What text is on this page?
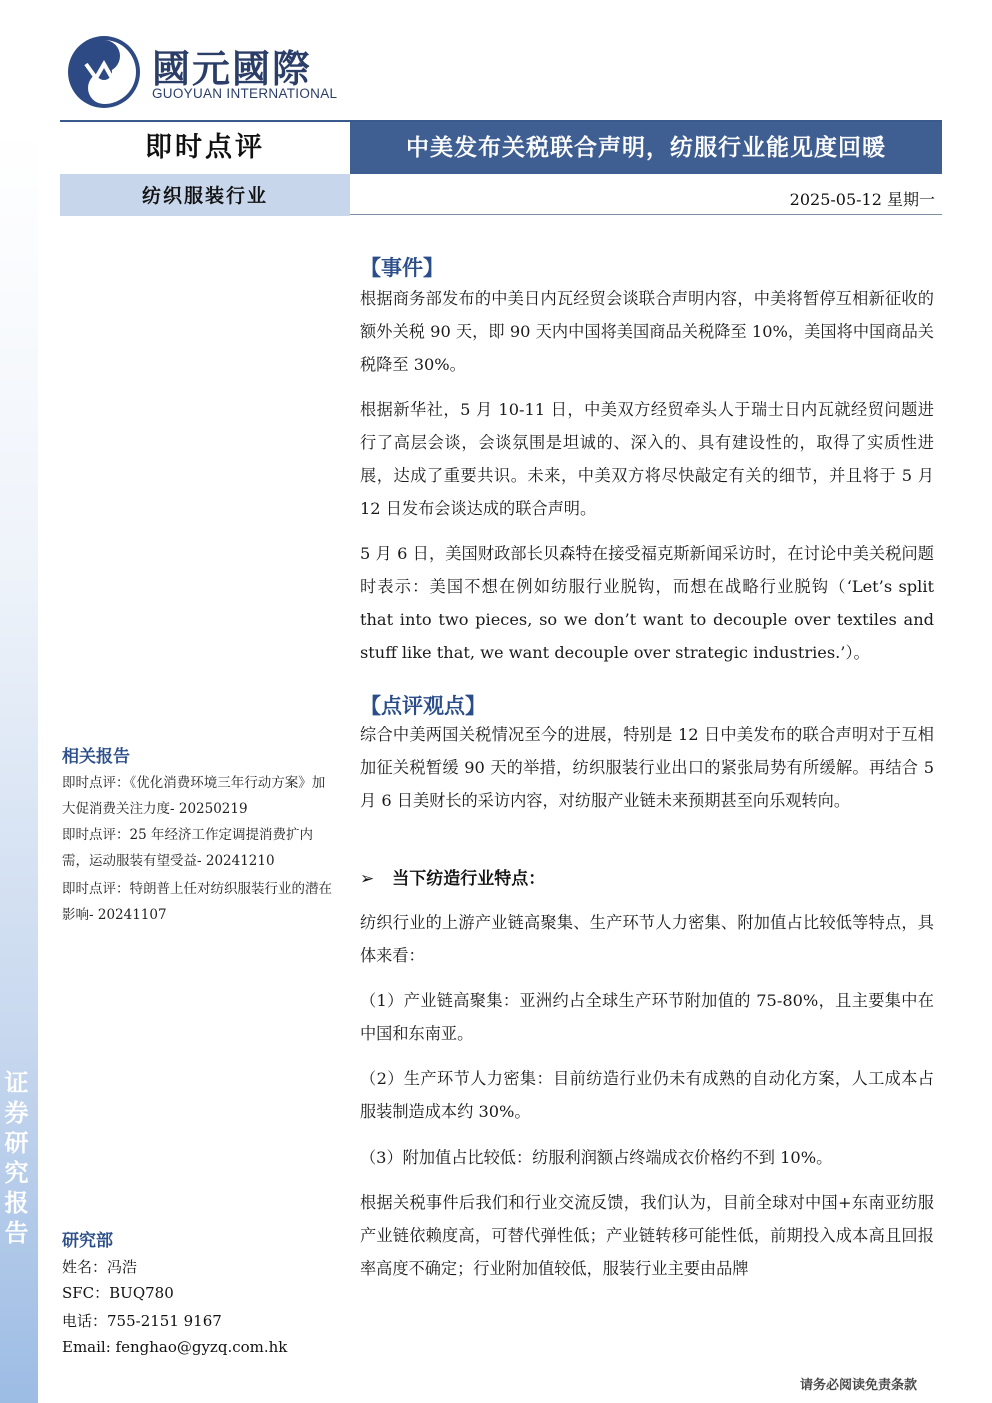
证券研究报告
國元國際
GUOYUAN INTERNATIONAL
即时点评	中美发布关税联合声明，纺服行业能见度回暖
纺织服装行业	2025-05-12 星期一
【事件】
根据商务部发布的中美日内瓦经贸会谈联合声明内容，中美将暂停互相新征收的额外关税 90 天，即 90 天内中国将美国商品关税降至 10%，美国将中国商品关税降至 30%。
根据新华社，5 月 10-11 日，中美双方经贸牵头人于瑞士日内瓦就经贸问题进行了高层会谈，会谈氛围是坦诚的、深入的、具有建设性的，取得了实质性进展，达成了重要共识。未来，中美双方将尽快敲定有关的细节，并且将于 5 月 12 日发布会谈达成的联合声明。
5 月 6 日，美国财政部长贝森特在接受福克斯新闻采访时，在讨论中美关税问题时表示：美国不想在例如纺服行业脱钩，而想在战略行业脱钩（‘Let’s split that into two pieces, so we don’t want to decouple over textiles and stuff like that, we want decouple over strategic industries.’）。
【点评观点】
综合中美两国关税情况至今的进展，特别是 12 日中美发布的联合声明对于互相加征关税暂缓 90 天的举措，纺织服装行业出口的紧张局势有所缓解。再结合 5 月 6 日美财长的采访内容，对纺服产业链未来预期甚至向乐观转向。
➢ 当下纺造行业特点：
纺织行业的上游产业链高聚集、生产环节人力密集、附加值占比较低等特点，具体来看：
（1）产业链高聚集：亚洲约占全球生产环节附加值的 75-80%，且主要集中在中国和东南亚。
（2）生产环节人力密集：目前纺造行业仍未有成熟的自动化方案，人工成本占服装制造成本约 30%。
（3）附加值占比较低：纺服利润额占终端成衣价格约不到 10%。
根据关税事件后我们和行业交流反馈，我们认为，目前全球对中国+东南亚纺服产业链依赖度高，可替代弹性低；产业链转移可能性低，前期投入成本高且回报率高度不确定；行业附加值较低，服装行业主要由品牌
相关报告
即时点评：《优化消费环境三年行动方案》加大促消费关注力度- 20250219
即时点评：25 年经济工作定调提消费扩内需，运动服装有望受益- 20241210
即时点评：特朗普上任对纺织服装行业的潜在影响- 20241107
研究部
姓名：冯浩
SFC：BUQ780
电话：755-2151 9167
Email: fenghao@gyzq.com.hk
请务必阅读免责条款
